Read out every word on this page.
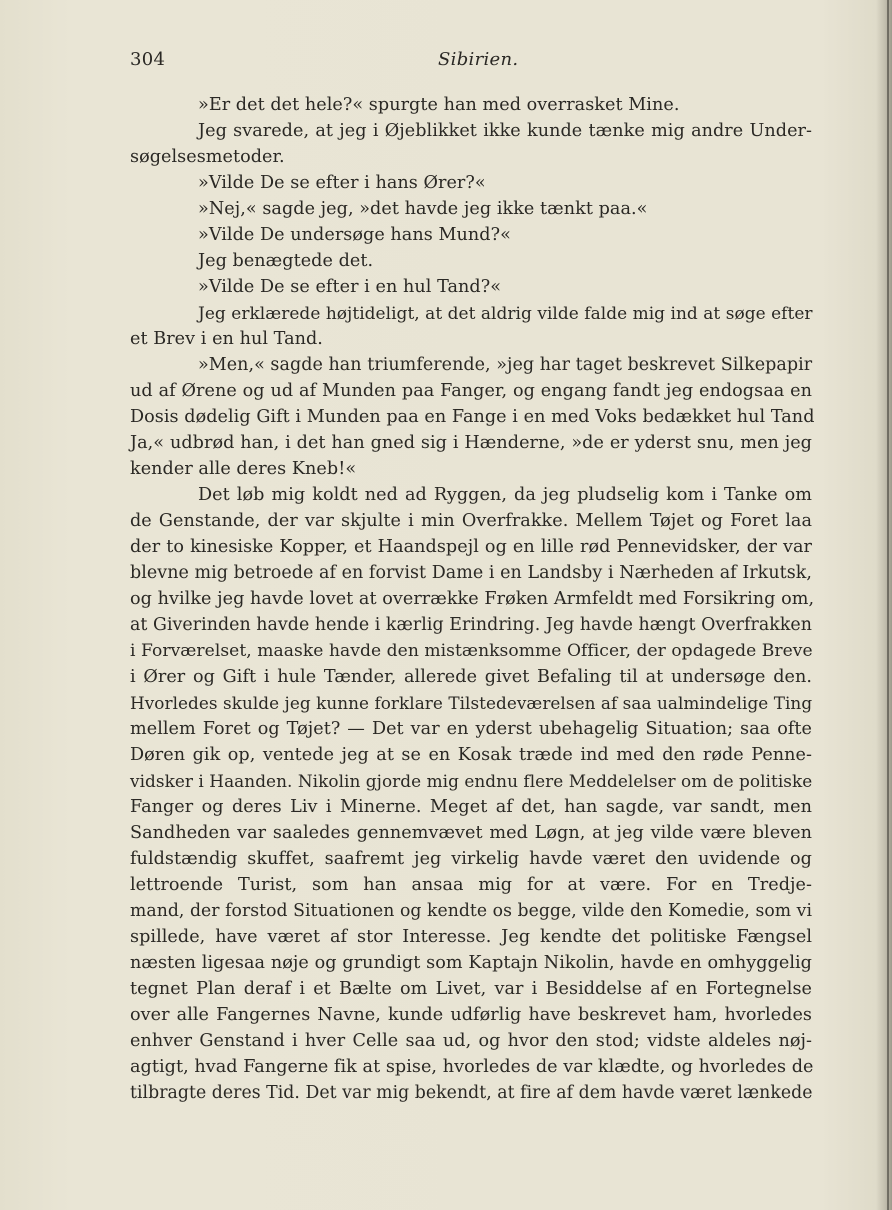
304	Sibirien.
»Er det det hele?« spurgte han med overrasket Mine.
Jeg svarede, at jeg i Øjeblikket ikke kunde tænke mig andre Under-
søgelsesmetoder.
»Vilde De se efter i hans Ører?«
»Nej,« sagde jeg, »det havde jeg ikke tænkt paa.«
»Vilde De undersøge hans Mund?«
Jeg benægtede det.
»Vilde De se efter i en hul Tand?«
Jeg erklærede højtideligt, at det aldrig vilde falde mig ind at søge efter
et Brev i en hul Tand.
»Men,« sagde han triumferende, »jeg har taget beskrevet Silkepapir
ud af Ørene og ud af Munden paa Fanger, og engang fandt jeg endogsaa en
Dosis dødelig Gift i Munden paa en Fange i en med Voks bedækket hul Tand
Ja,« udbrød han, i det han gned sig i Hænderne, »de er yderst snu, men jeg
kender alle deres Kneb!«
Det løb mig koldt ned ad Ryggen, da jeg pludselig kom i Tanke om
de Genstande, der var skjulte i min Overfrakke. Mellem Tøjet og Foret laa
der to kinesiske Kopper, et Haandspejl og en lille rød Pennevidsker, der var
blevne mig betroede af en forvist Dame i en Landsby i Nærheden af Irkutsk,
og hvilke jeg havde lovet at overrække Frøken Armfeldt med Forsikring om,
at Giverinden havde hende i kærlig Erindring. Jeg havde hængt Overfrakken
i Forværelset, maaske havde den mistænksomme Officer, der opdagede Breve
i Ører og Gift i hule Tænder, allerede givet Befaling til at undersøge den.
Hvorledes skulde jeg kunne forklare Tilstedeværelsen af saa ualmindelige Ting
mellem Foret og Tøjet? — Det var en yderst ubehagelig Situation; saa ofte
Døren gik op, ventede jeg at se en Kosak træde ind med den røde Penne-
vidsker i Haanden. Nikolin gjorde mig endnu flere Meddelelser om de politiske
Fanger og deres Liv i Minerne. Meget af det, han sagde, var sandt, men
Sandheden var saaledes gennemvævet med Løgn, at jeg vilde være bleven
fuldstændig skuffet, saafremt jeg virkelig havde været den uvidende og
lettroende Turist, som han ansaa mig for at være. For en Tredje-
mand, der forstod Situationen og kendte os begge, vilde den Komedie, som vi
spillede, have været af stor Interesse. Jeg kendte det politiske Fængsel
næsten ligesaa nøje og grundigt som Kaptajn Nikolin, havde en omhyggelig
tegnet Plan deraf i et Bælte om Livet, var i Besiddelse af en Fortegnelse
over alle Fangernes Navne, kunde udførlig have beskrevet ham, hvorledes
enhver Genstand i hver Celle saa ud, og hvor den stod; vidste aldeles nøj-
agtigt, hvad Fangerne fik at spise, hvorledes de var klædte, og hvorledes de
tilbragte deres Tid. Det var mig bekendt, at fire af dem havde været lænkede
